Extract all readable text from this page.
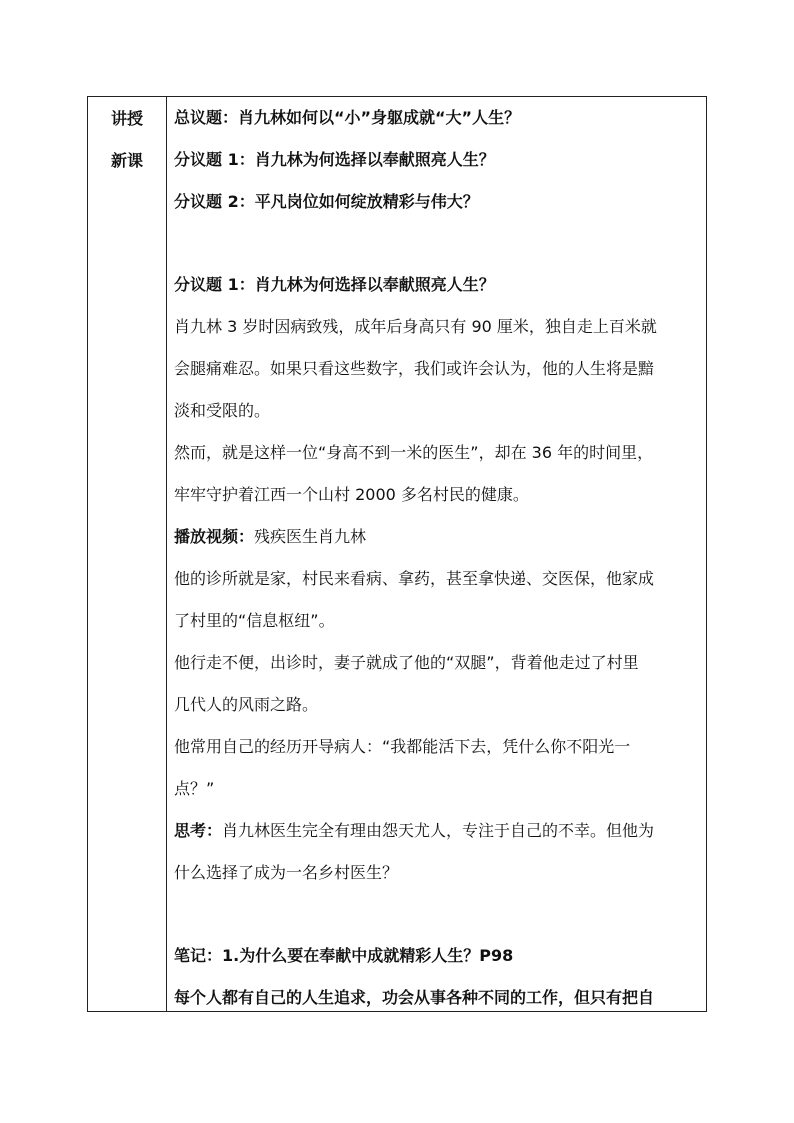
讲授
新课
总议题：肖九林如何以“小”身躯成就“大”人生？
分议题 1：肖九林为何选择以奉献照亮人生？
分议题 2：平凡岗位如何绽放精彩与伟大？
分议题 1：肖九林为何选择以奉献照亮人生？
肖九林 3 岁时因病致残，成年后身高只有 90 厘米，独自走上百米就
会腿痛难忍。如果只看这些数字，我们或许会认为，他的人生将是黯
淡和受限的。
然而，就是这样一位“身高不到一米的医生”，却在 36 年的时间里，
牢牢守护着江西一个山村 2000 多名村民的健康。
播放视频：残疾医生肖九林
他的诊所就是家，村民来看病、拿药，甚至拿快递、交医保，他家成
了村里的“信息枢纽”。
他行走不便，出诊时，妻子就成了他的“双腿”，背着他走过了村里
几代人的风雨之路。
他常用自己的经历开导病人：“我都能活下去，凭什么你不阳光一
点？”
思考：肖九林医生完全有理由怨天尤人，专注于自己的不幸。但他为
什么选择了成为一名乡村医生？
笔记：1.为什么要在奉献中成就精彩人生？P98
每个人都有自己的人生追求，功会从事各种不同的工作，但只有把自
